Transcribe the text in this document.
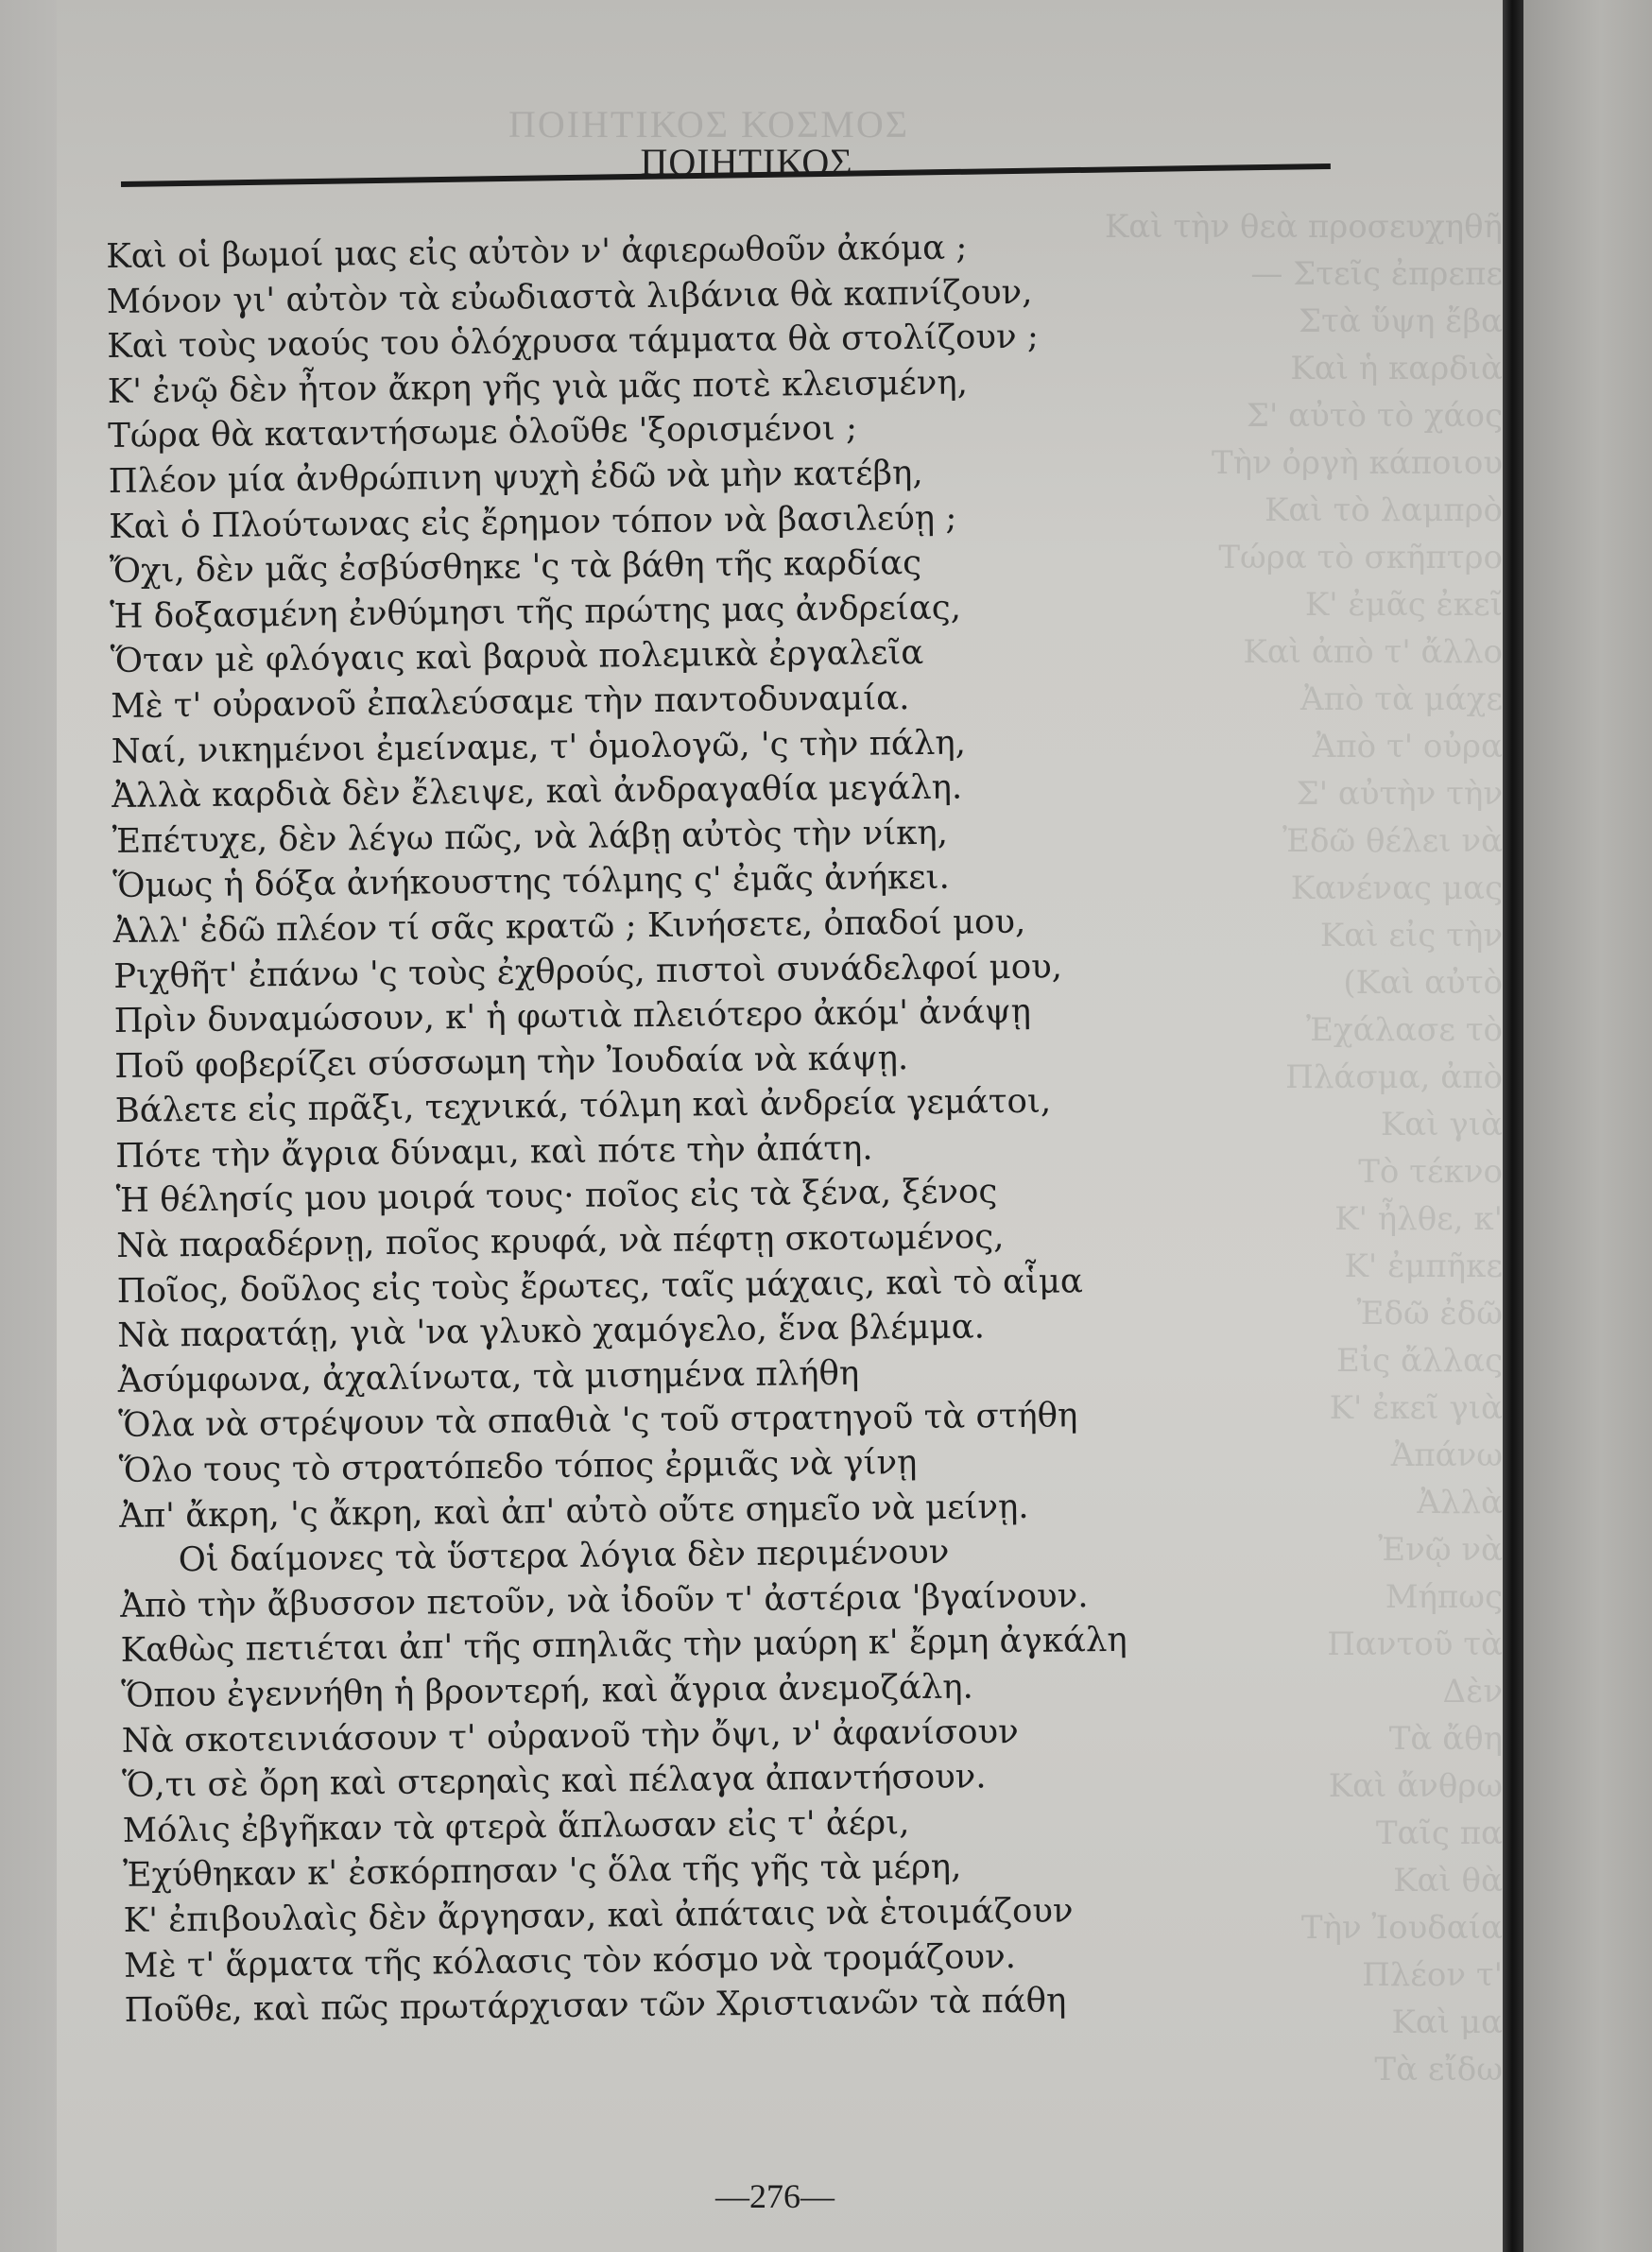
Καὶ τὴν θεὰ προσευχηθῆ
— Στεῖς ἐπρεπε
Στὰ ὕψη ἔβα
Καὶ ἡ καρδιὰ
Σ' αὐτὸ τὸ χάος
Τὴν ὀργὴ κάποιου
Καὶ τὸ λαμπρὸ
Τώρα τὸ σκῆπτρο
Κ' ἐμᾶς ἐκεῖ
Καὶ ἀπὸ τ' ἄλλο
Ἀπὸ τὰ μάχε
Ἀπὸ τ' οὐρα
Σ' αὐτὴν τὴν
Ἐδῶ θέλει νὰ
Κανένας μας
Καὶ εἰς τὴν
(Καὶ αὐτὸ
Ἐχάλασε τὸ
Πλάσμα, ἀπὸ
Καὶ γιὰ
Τὸ τέκνο
Κ' ἦλθε, κ'
Κ' ἐμπῆκε
Ἐδῶ ἐδῶ
Εἰς ἄλλας
Κ' ἐκεῖ γιὰ
Ἀπάνω
Ἀλλὰ
Ἐνῷ νὰ
Μήπως
Παντοῦ τὰ
Δὲν
Τὰ ἄθη
Καὶ ἄνθρω
Ταῖς πα
Καὶ θὰ
Τὴν Ἰουδαία
Πλέον τ'
Καὶ μα
Τὰ εἴδω
ΠΟΙΗΤΙΚΟΣ ΚΟΣΜΟΣ
ΠΟΙΗΤΙΚΟΣ
Καὶ οἱ βωμοί μας εἰς αὐτὸν ν' ἀφιερωθοῦν ἀκόμα ;
Μόνον γι' αὐτὸν τὰ εὐωδιαστὰ λιβάνια θὰ καπνίζουν,
Καὶ τοὺς ναούς του ὁλόχρυσα τάμματα θὰ στολίζουν ;
Κ' ἐνῷ δὲν ἦτον ἄκρη γῆς γιὰ μᾶς ποτὲ κλεισμένη,
Τώρα θὰ καταντήσωμε ὁλοῦθε 'ξορισμένοι ;
Πλέον μία ἀνθρώπινη ψυχὴ ἐδῶ νὰ μὴν κατέβη,
Καὶ ὁ Πλούτωνας εἰς ἔρημον τόπον νὰ βασιλεύῃ ;
Ὄχι, δὲν μᾶς ἐσβύσθηκε 'ς τὰ βάθη τῆς καρδίας
Ἡ δοξασμένη ἐνθύμησι τῆς πρώτης μας ἀνδρείας,
Ὅταν μὲ φλόγαις καὶ βαρυὰ πολεμικὰ ἐργαλεῖα
Μὲ τ' οὐρανοῦ ἐπαλεύσαμε τὴν παντοδυναμία.
Ναί, νικημένοι ἐμείναμε, τ' ὁμολογῶ, 'ς τὴν πάλη,
Ἀλλὰ καρδιὰ δὲν ἔλειψε, καὶ ἀνδραγαθία μεγάλη.
Ἐπέτυχε, δὲν λέγω πῶς, νὰ λάβῃ αὐτὸς τὴν νίκη,
Ὅμως ἡ δόξα ἀνήκουστης τόλμης ς' ἐμᾶς ἀνήκει.
Ἀλλ' ἐδῶ πλέον τί σᾶς κρατῶ ; Κινήσετε, ὀπαδοί μου,
Ριχθῆτ' ἐπάνω 'ς τοὺς ἐχθρούς, πιστοὶ συνάδελφοί μου,
Πρὶν δυναμώσουν, κ' ἡ φωτιὰ πλειότερο ἀκόμ' ἀνάψῃ
Ποῦ φοβερίζει σύσσωμη τὴν Ἰουδαία νὰ κάψῃ.
Βάλετε εἰς πρᾶξι, τεχνικά, τόλμη καὶ ἀνδρεία γεμάτοι,
Πότε τὴν ἄγρια δύναμι, καὶ πότε τὴν ἀπάτη.
Ἡ θέλησίς μου μοιρά τους· ποῖος εἰς τὰ ξένα, ξένος
Νὰ παραδέρνῃ, ποῖος κρυφά, νὰ πέφτῃ σκοτωμένος,
Ποῖος, δοῦλος εἰς τοὺς ἔρωτες, ταῖς μάχαις, καὶ τὸ αἷμα
Νὰ παρατάῃ, γιὰ 'να γλυκὸ χαμόγελο, ἕνα βλέμμα.
Ἀσύμφωνα, ἀχαλίνωτα, τὰ μισημένα πλήθη
Ὅλα νὰ στρέψουν τὰ σπαθιὰ 'ς τοῦ στρατηγοῦ τὰ στήθη
Ὅλο τους τὸ στρατόπεδο τόπος ἐρμιᾶς νὰ γίνῃ
Ἀπ' ἄκρη, 'ς ἄκρη, καὶ ἀπ' αὐτὸ οὔτε σημεῖο νὰ μείνῃ.
Οἱ δαίμονες τὰ ὕστερα λόγια δὲν περιμένουν
Ἀπὸ τὴν ἄβυσσον πετοῦν, νὰ ἰδοῦν τ' ἀστέρια 'βγαίνουν.
Καθὼς πετιέται ἀπ' τῆς σπηλιᾶς τὴν μαύρη κ' ἔρμη ἀγκάλη
Ὅπου ἐγεννήθη ἡ βροντερή, καὶ ἄγρια ἀνεμοζάλη.
Νὰ σκοτεινιάσουν τ' οὐρανοῦ τὴν ὄψι, ν' ἀφανίσουν
Ὅ,τι σὲ ὄρη καὶ στερηαὶς καὶ πέλαγα ἀπαντήσουν.
Μόλις ἐβγῆκαν τὰ φτερὰ ἅπλωσαν εἰς τ' ἀέρι,
Ἐχύθηκαν κ' ἐσκόρπησαν 'ς ὅλα τῆς γῆς τὰ μέρη,
Κ' ἐπιβουλαὶς δὲν ἄργησαν, καὶ ἀπάταις νὰ ἑτοιμάζουν
Μὲ τ' ἅρματα τῆς κόλασις τὸν κόσμο νὰ τρομάζουν.
Ποῦθε, καὶ πῶς πρωτάρχισαν τῶν Χριστιανῶν τὰ πάθη
—276—
